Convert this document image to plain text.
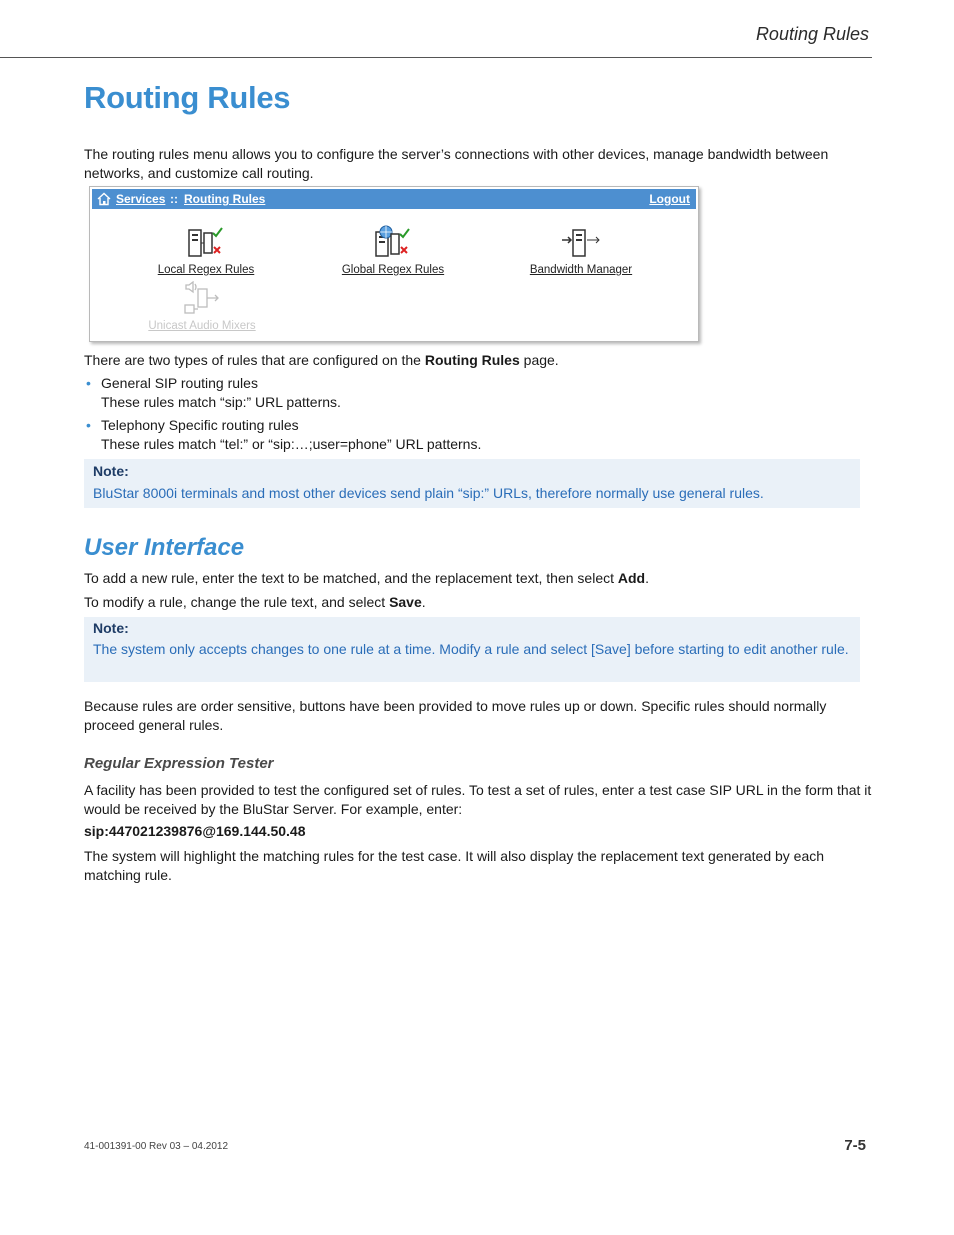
Routing Rules
Routing Rules
The routing rules menu allows you to configure the server’s connections with other devices, manage bandwidth between networks, and customize call routing.
Services :: Routing Rules	Logout
Local Regex Rules	Global Regex Rules	Bandwidth Manager
Unicast Audio Mixers
There are two types of rules that are configured on the Routing Rules page.
• General SIP routing rules
These rules match “sip:” URL patterns.
• Telephony Specific routing rules
These rules match “tel:” or “sip:…;user=phone” URL patterns.
Note:
BluStar 8000i terminals and most other devices send plain “sip:” URLs, therefore normally use general rules.
User Interface
To add a new rule, enter the text to be matched, and the replacement text, then select Add.
To modify a rule, change the rule text, and select Save.
Note:
The system only accepts changes to one rule at a time. Modify a rule and select [Save] before starting to edit another rule.
Because rules are order sensitive, buttons have been provided to move rules up or down. Specific rules should normally proceed general rules.
Regular Expression Tester
A facility has been provided to test the configured set of rules. To test a set of rules, enter a test case SIP URL in the form that it would be received by the BluStar Server. For example, enter:
sip:447021239876@169.144.50.48
The system will highlight the matching rules for the test case. It will also display the replacement text generated by each matching rule.
41-001391-00 Rev 03 – 04.2012	7-5
